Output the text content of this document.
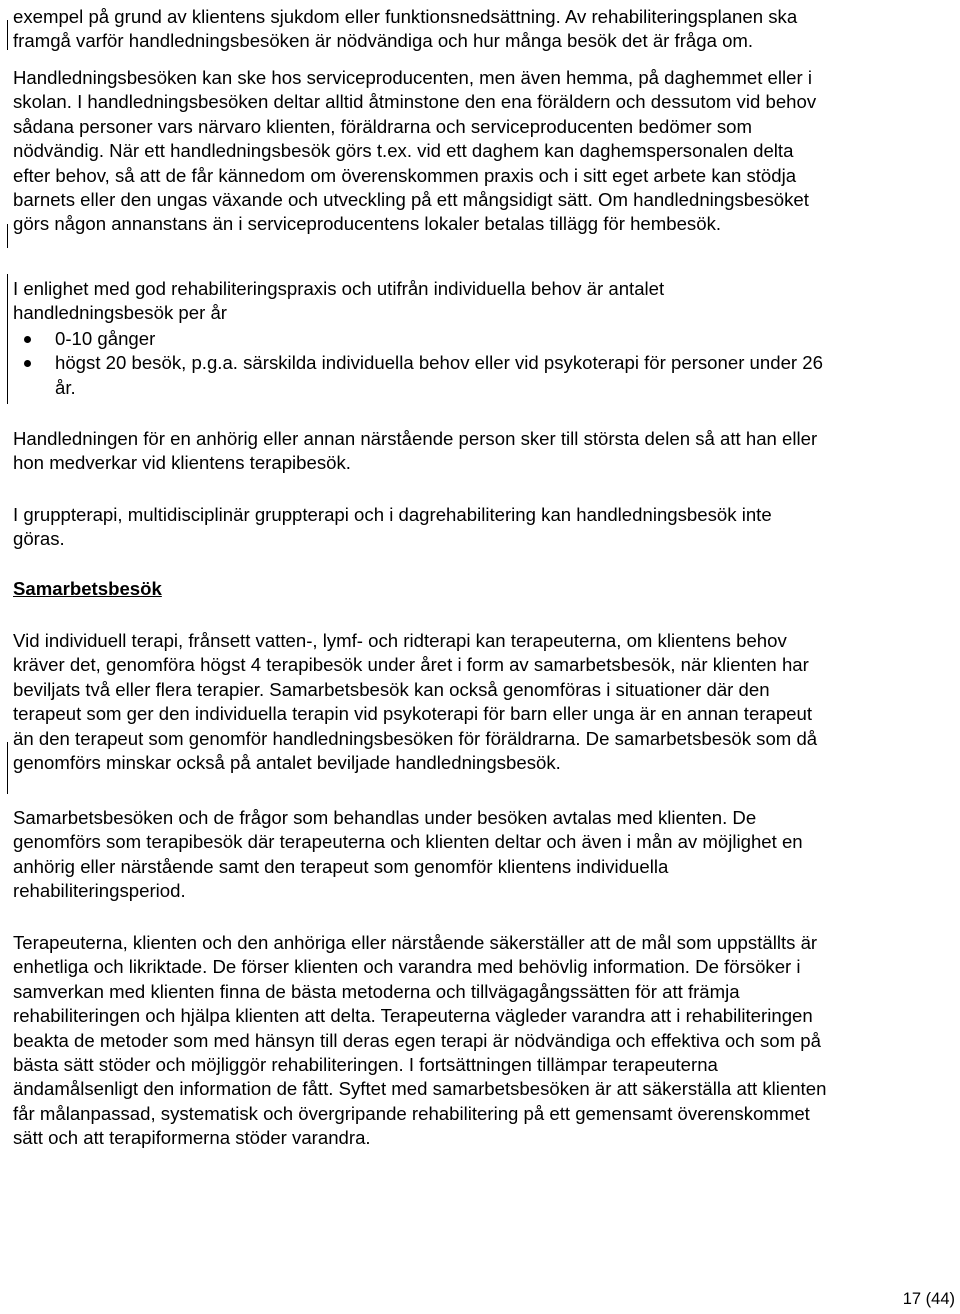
exempel på grund av klientens sjukdom eller funktionsnedsättning. Av rehabiliteringsplanen ska
framgå varför handledningsbesöken är nödvändiga och hur många besök det är fråga om.
Handledningsbesöken kan ske hos serviceproducenten, men även hemma, på daghemmet eller i
skolan. I handledningsbesöken deltar alltid åtminstone den ena föräldern och dessutom vid behov
sådana personer vars närvaro klienten, föräldrarna och serviceproducenten bedömer som
nödvändig. När ett handledningsbesök görs t.ex. vid ett daghem kan daghemspersonalen delta
efter behov, så att de får kännedom om överenskommen praxis och i sitt eget arbete kan stödja
barnets eller den ungas växande och utveckling på ett mångsidigt sätt. Om handledningsbesöket
görs någon annanstans än i serviceproducentens lokaler betalas tillägg för hembesök.
I enlighet med god rehabiliteringspraxis och utifrån individuella behov är antalet
handledningsbesök per år
0-10 gånger
högst 20 besök, p.g.a. särskilda individuella behov eller vid psykoterapi för personer under 26
år.
Handledningen för en anhörig eller annan närstående person sker till största delen så att han eller
hon medverkar vid klientens terapibesök.
I gruppterapi, multidisciplinär gruppterapi och i dagrehabilitering kan handledningsbesök inte
göras.
Samarbetsbesök
Vid individuell terapi, frånsett vatten-, lymf- och ridterapi kan terapeuterna, om klientens behov
kräver det, genomföra högst 4 terapibesök under året i form av samarbetsbesök, när klienten har
beviljats två eller flera terapier. Samarbetsbesök kan också genomföras i situationer där den
terapeut som ger den individuella terapin vid psykoterapi för barn eller unga är en annan terapeut
än den terapeut som genomför handledningsbesöken för föräldrarna. De samarbetsbesök som då
genomförs minskar också på antalet beviljade handledningsbesök.
Samarbetsbesöken och de frågor som behandlas under besöken avtalas med klienten. De
genomförs som terapibesök där terapeuterna och klienten deltar och även i mån av möjlighet en
anhörig eller närstående samt den terapeut som genomför klientens individuella
rehabiliteringsperiod.
Terapeuterna, klienten och den anhöriga eller närstående säkerställer att de mål som uppställts är
enhetliga och likriktade. De förser klienten och varandra med behövlig information. De försöker i
samverkan med klienten finna de bästa metoderna och tillvägagångssätten för att främja
rehabiliteringen och hjälpa klienten att delta. Terapeuterna vägleder varandra att i rehabiliteringen
beakta de metoder som med hänsyn till deras egen terapi är nödvändiga och effektiva och som på
bästa sätt stöder och möjliggör rehabiliteringen. I fortsättningen tillämpar terapeuterna
ändamålsenligt den information de fått. Syftet med samarbetsbesöken är att säkerställa att klienten
får målanpassad, systematisk och övergripande rehabilitering på ett gemensamt överenskommet
sätt och att terapiformerna stöder varandra.
17 (44)
